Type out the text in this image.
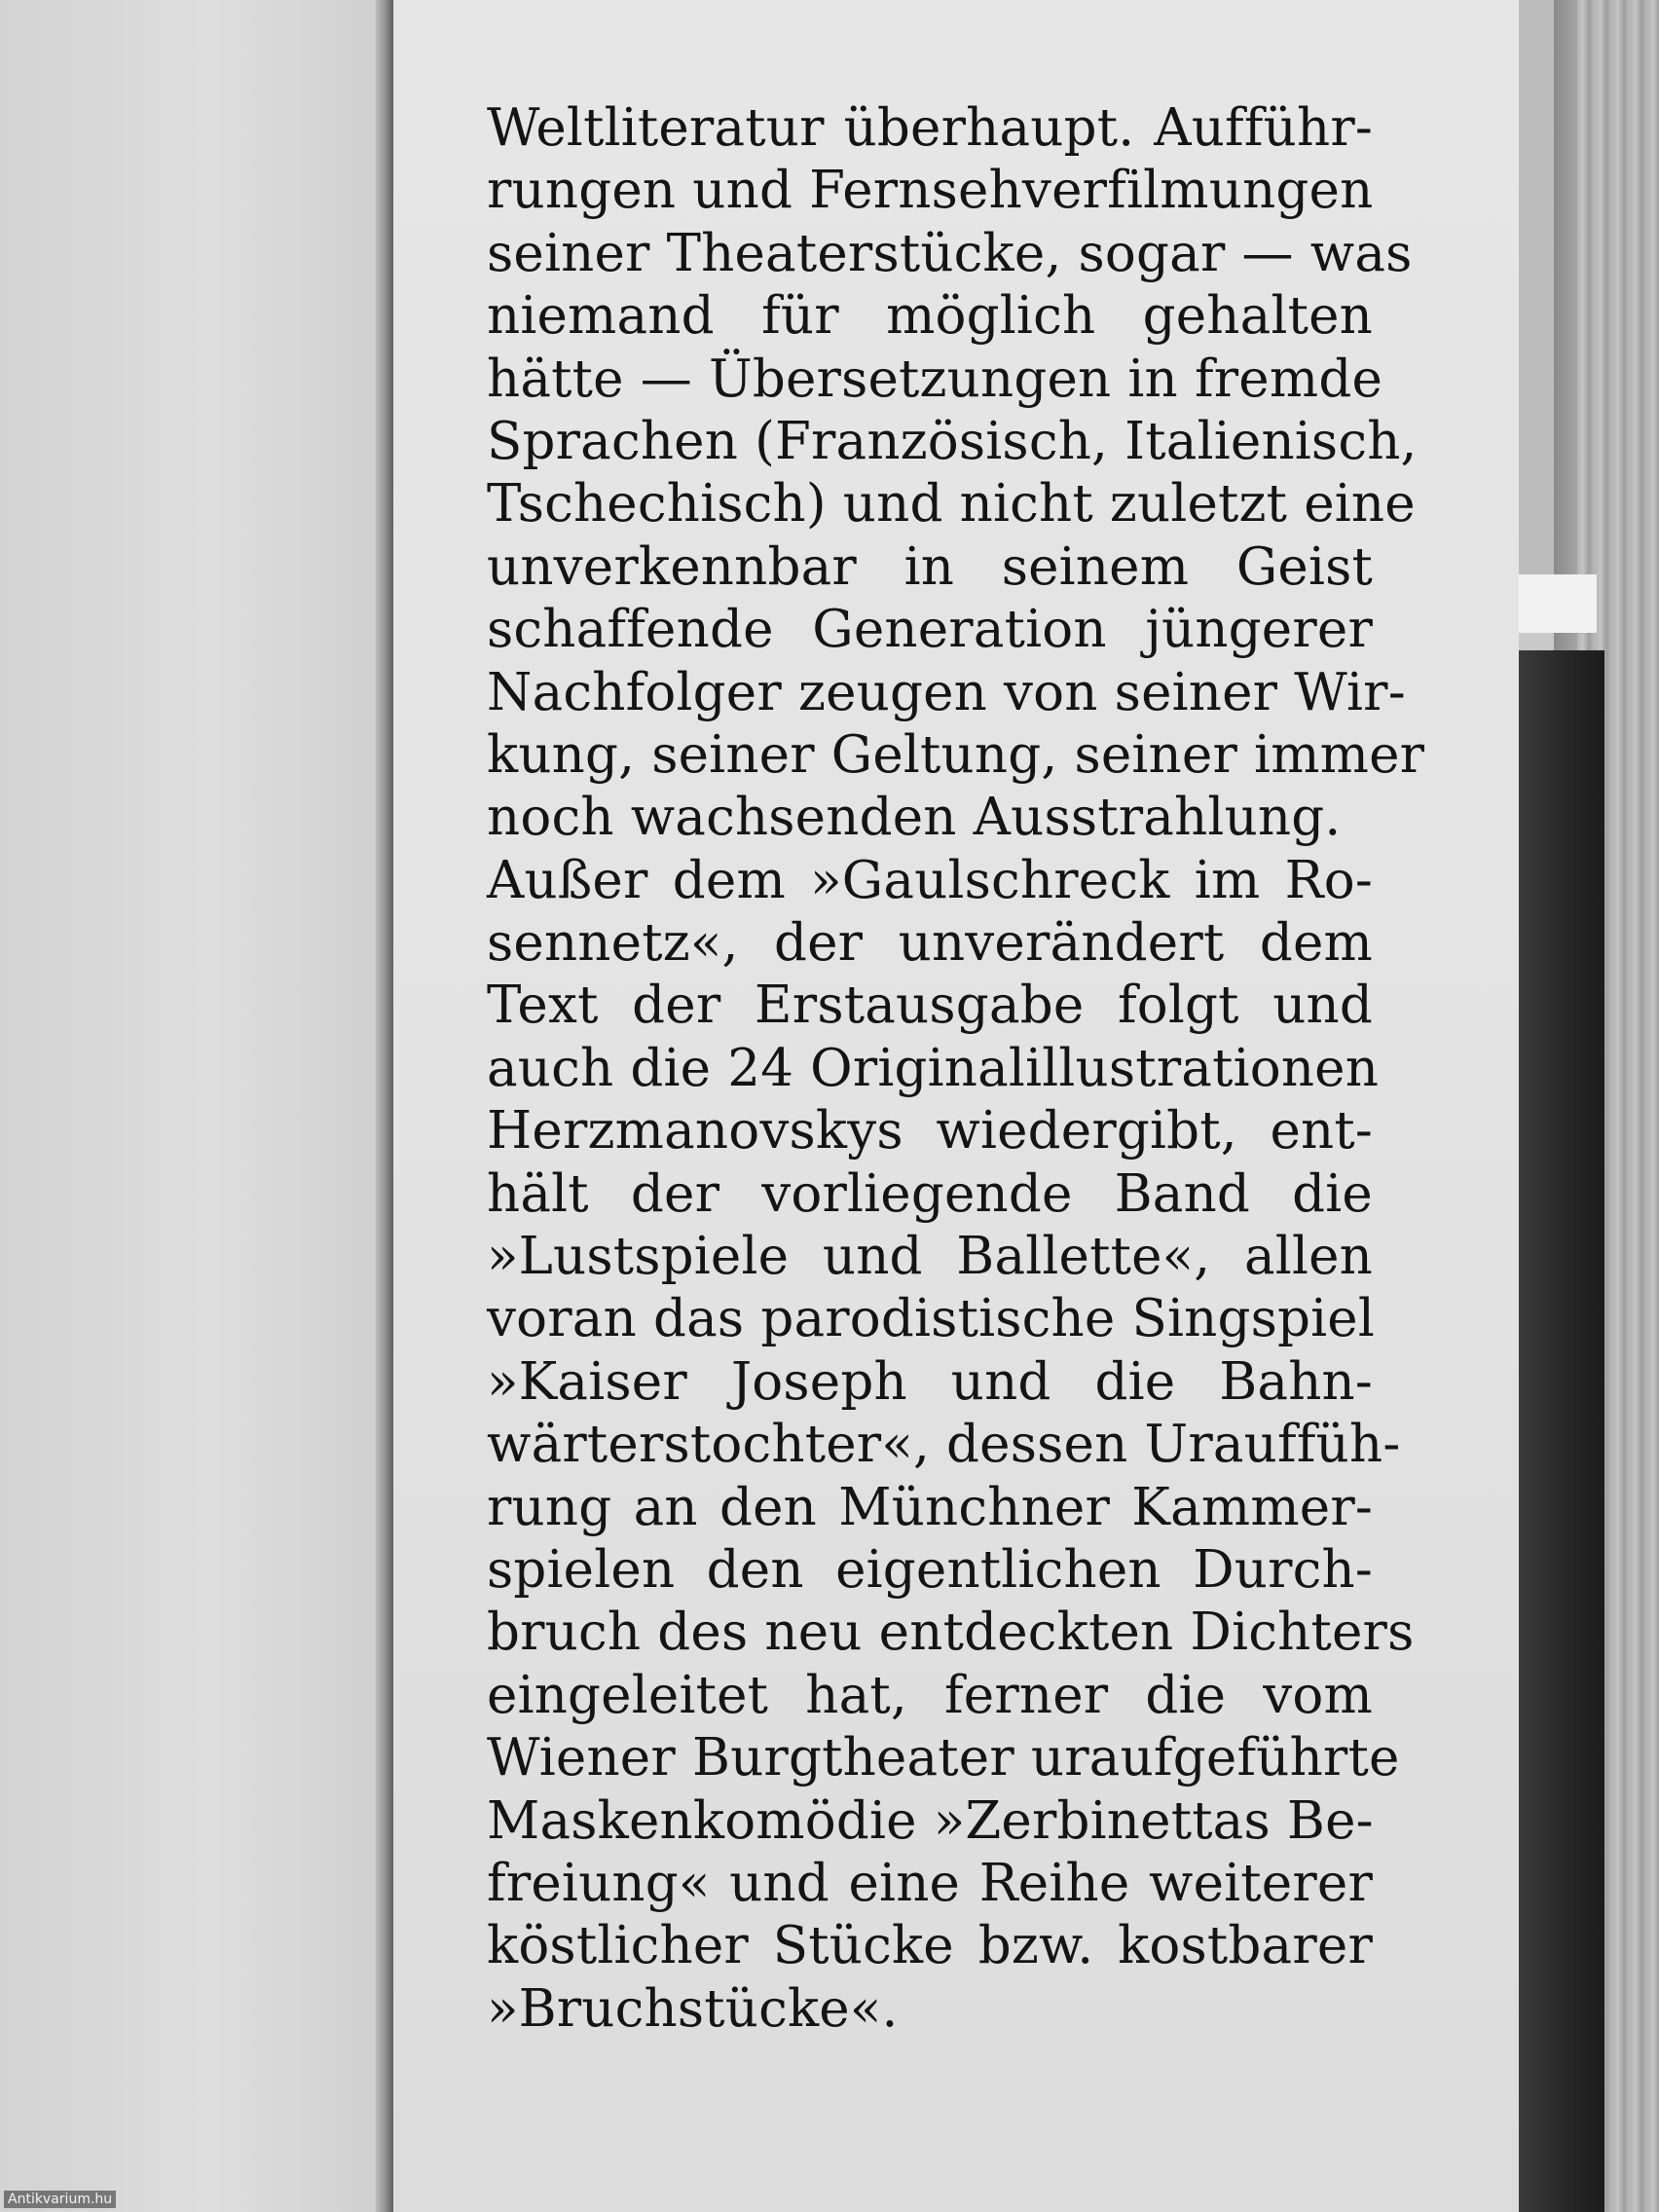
Weltliteratur überhaupt. Aufführ-
rungen und Fernsehverfilmungen
seiner Theaterstücke, sogar — was
niemand für möglich gehalten
hätte — Übersetzungen in fremde
Sprachen (Französisch, Italienisch,
Tschechisch) und nicht zuletzt eine
unverkennbar in seinem Geist
schaffende Generation jüngerer
Nachfolger zeugen von seiner Wir-
kung, seiner Geltung, seiner immer
noch wachsenden Ausstrahlung.
Außer dem »Gaulschreck im Ro-
sennetz«, der unverändert dem
Text der Erstausgabe folgt und
auch die 24 Originalillustrationen
Herzmanovskys wiedergibt, ent-
hält der vorliegende Band die
»Lustspiele und Ballette«, allen
voran das parodistische Singspiel
»Kaiser Joseph und die Bahn-
wärterstochter«, dessen Urauffüh-
rung an den Münchner Kammer-
spielen den eigentlichen Durch-
bruch des neu entdeckten Dichters
eingeleitet hat, ferner die vom
Wiener Burgtheater uraufgeführte
Maskenkomödie »Zerbinettas Be-
freiung« und eine Reihe weiterer
köstlicher Stücke bzw. kostbarer
»Bruchstücke«.
Antikvarium.hu
